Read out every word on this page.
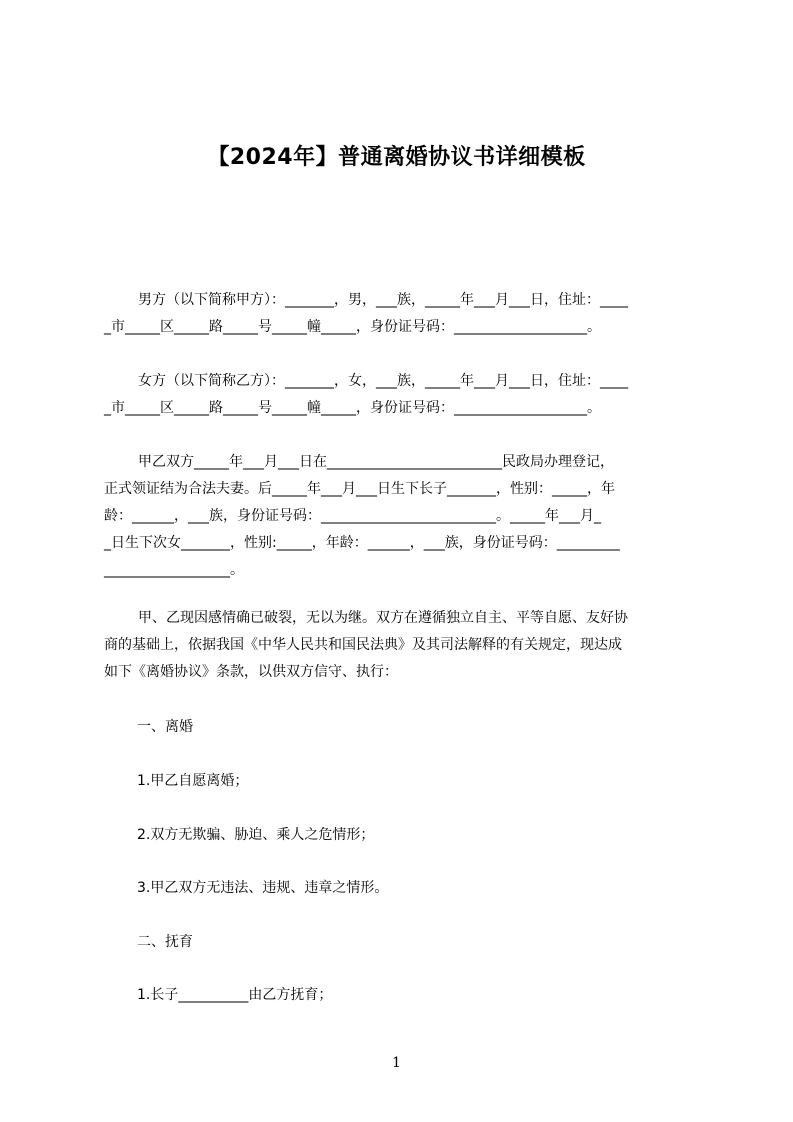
【2024年】普通离婚协议书详细模板
男方（以下简称甲方）：_______，男，___族，_____年___月___日，住址：____
_市_____区_____路_____号_____幢_____，身份证号码：___________________。
女方（以下简称乙方）：_______，女，___族，_____年___月___日，住址：____
_市_____区_____路_____号_____幢_____，身份证号码：___________________。
甲乙双方_____年___月___日在_________________________民政局办理登记，
正式领证结为合法夫妻。后_____年___月___日生下长子_______，性别：_____，年
龄：______，___族，身份证号码：_________________________。_____年___月_
_日生下次女_______，性别:_____，年龄：______，___族，身份证号码：_________
__________________。
甲、乙现因感情确已破裂，无以为继。双方在遵循独立自主、平等自愿、友好协
商的基础上，依据我国《中华人民共和国民法典》及其司法解释的有关规定，现达成
如下《离婚协议》条款，以供双方信守、执行：
一、离婚
1.甲乙自愿离婚；
2.双方无欺骗、胁迫、乘人之危情形；
3.甲乙双方无违法、违规、违章之情形。
二、抚育
1.长子__________由乙方抚育；
1
